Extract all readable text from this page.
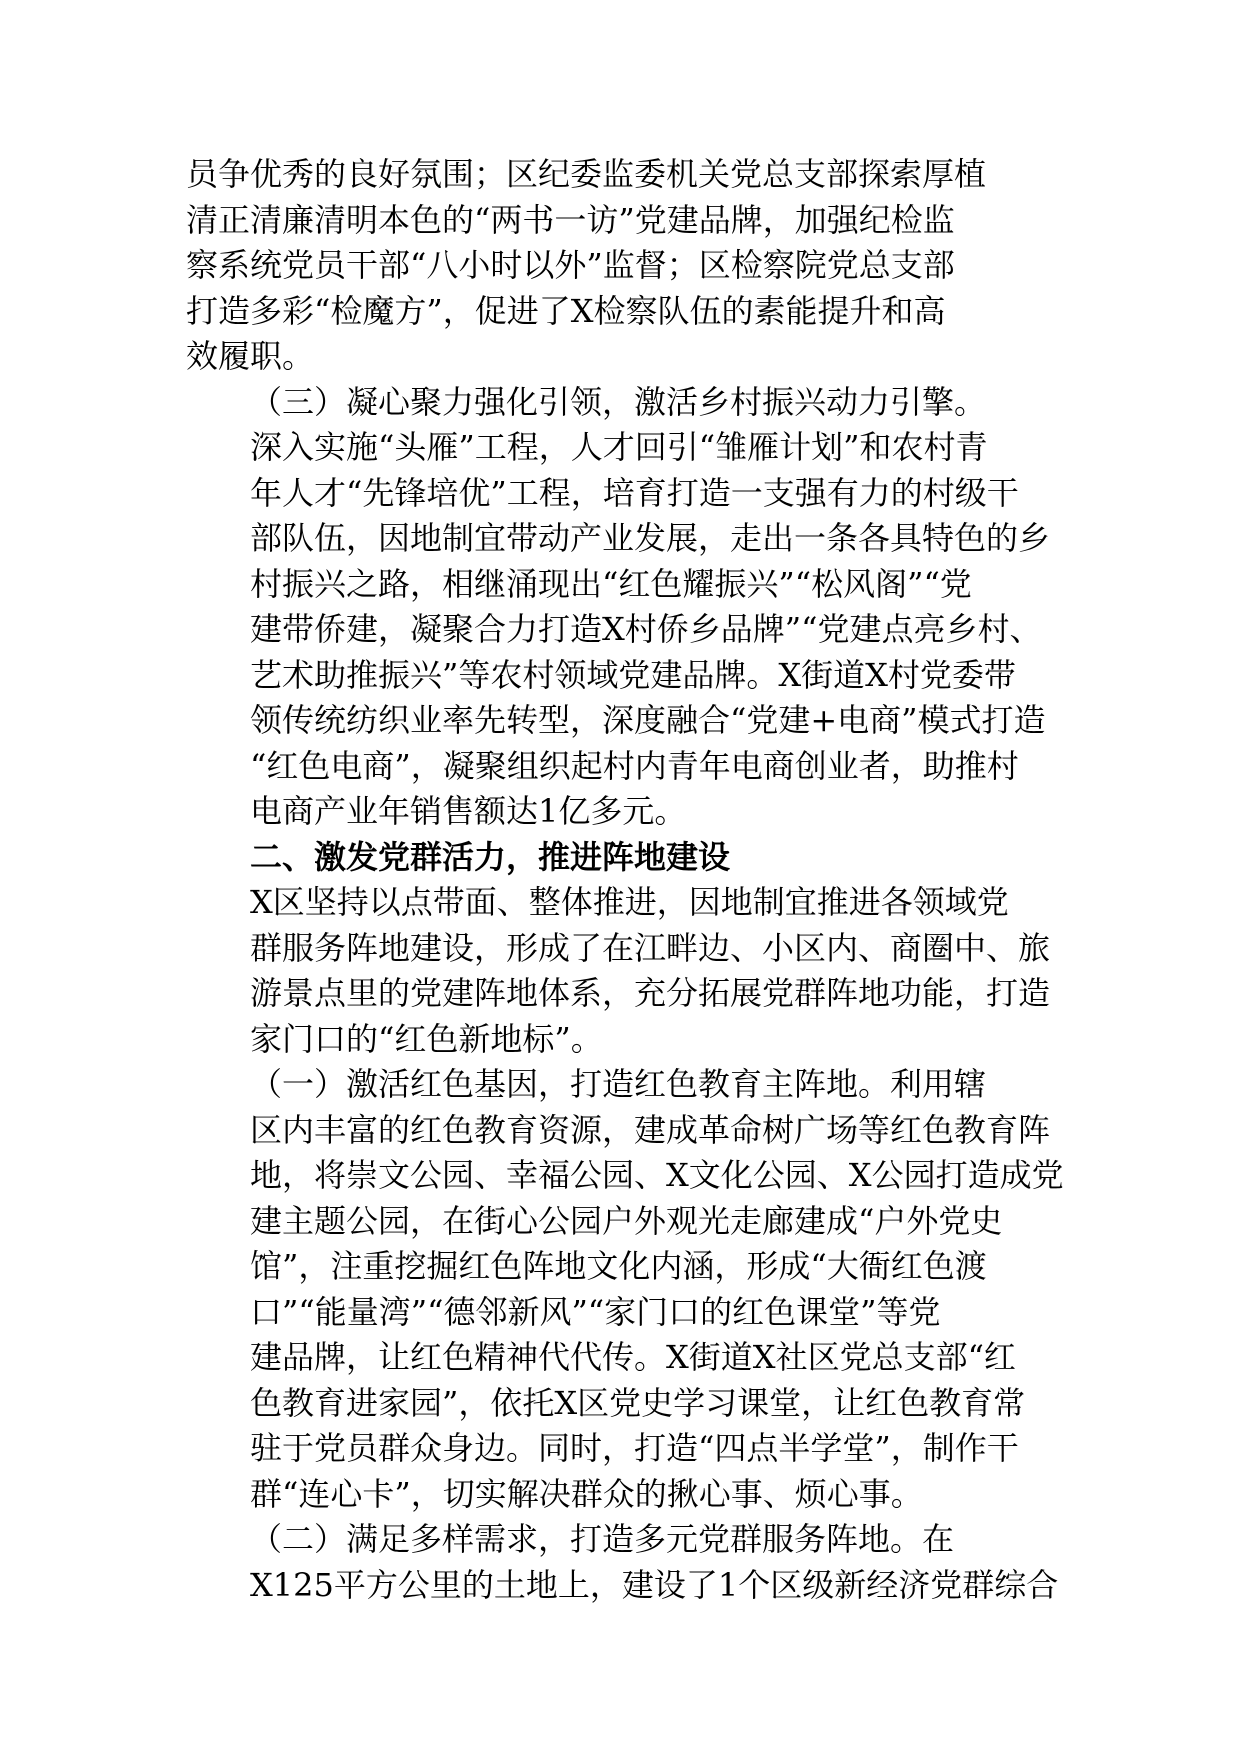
员争优秀的良好氛围；区纪委监委机关党总支部探索厚植
清正清廉清明本色的“两书一访”党建品牌，加强纪检监
察系统党员干部“八小时以外”监督；区检察院党总支部
打造多彩“检魔方”，促进了X检察队伍的素能提升和高
效履职。
（三）凝心聚力强化引领，激活乡村振兴动力引擎。
深入实施“头雁”工程，人才回引“雏雁计划”和农村青
年人才“先锋培优”工程，培育打造一支强有力的村级干
部队伍，因地制宜带动产业发展，走出一条各具特色的乡
村振兴之路，相继涌现出“红色耀振兴”“松风阁”“党
建带侨建，凝聚合力打造X村侨乡品牌”“党建点亮乡村、
艺术助推振兴”等农村领域党建品牌。X街道X村党委带
领传统纺织业率先转型，深度融合“党建+电商”模式打造
“红色电商”，凝聚组织起村内青年电商创业者，助推村
电商产业年销售额达1亿多元。
二、激发党群活力，推进阵地建设
X区坚持以点带面、整体推进，因地制宜推进各领域党
群服务阵地建设，形成了在江畔边、小区内、商圈中、旅
游景点里的党建阵地体系，充分拓展党群阵地功能，打造
家门口的“红色新地标”。
（一）激活红色基因，打造红色教育主阵地。利用辖
区内丰富的红色教育资源，建成革命树广场等红色教育阵
地，将崇文公园、幸福公园、X文化公园、X公园打造成党
建主题公园，在街心公园户外观光走廊建成“户外党史
馆”，注重挖掘红色阵地文化内涵，形成“大衙红色渡
口”“能量湾”“德邻新风”“家门口的红色课堂”等党
建品牌，让红色精神代代传。X街道X社区党总支部“红
色教育进家园”，依托X区党史学习课堂，让红色教育常
驻于党员群众身边。同时，打造“四点半学堂”，制作干
群“连心卡”，切实解决群众的揪心事、烦心事。
（二）满足多样需求，打造多元党群服务阵地。在
X125平方公里的土地上，建设了1个区级新经济党群综合
